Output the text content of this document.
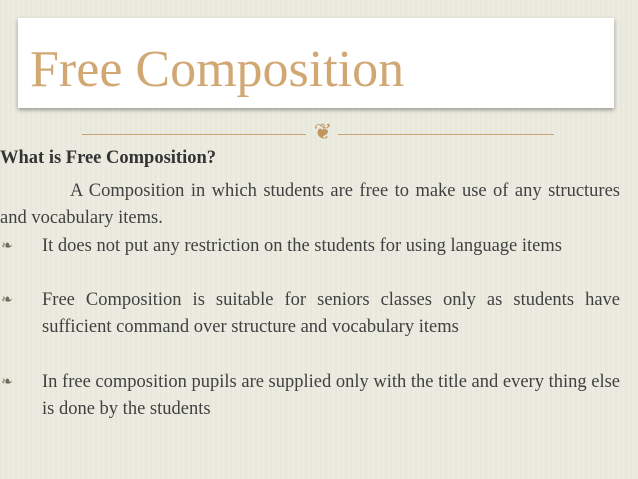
Free Composition
❦
What is Free Composition?
A Composition in which students are free to make use of any structures and vocabulary items.
❧ It does not put any restriction on the students for using language items
❧ Free Composition is suitable for seniors classes only as students have sufficient command over structure and vocabulary items
❧ In free composition pupils are supplied only with the title and every thing else is done by the students
